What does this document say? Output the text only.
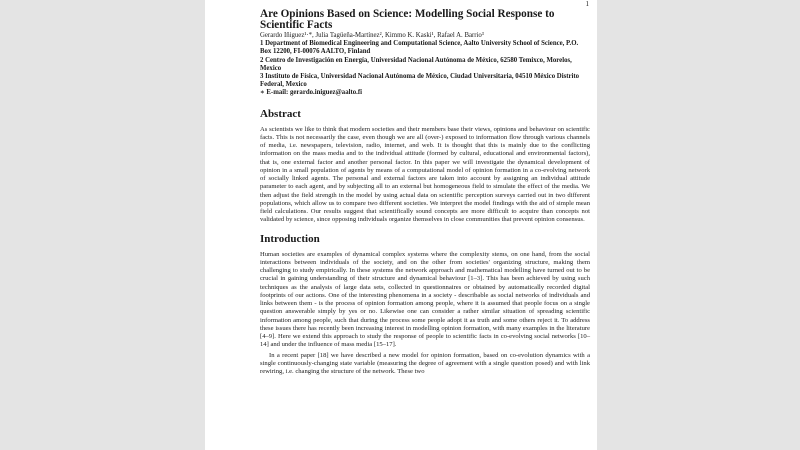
1
Are Opinions Based on Science: Modelling Social Response to Scientific Facts
Gerardo Iñiguez¹·*, Julia Tagüeña-Martínez², Kimmo K. Kaski¹, Rafael A. Barrio³
1 Department of Biomedical Engineering and Computational Science, Aalto University School of Science, P.O. Box 12200, FI-00076 AALTO, Finland
2 Centro de Investigación en Energía, Universidad Nacional Autónoma de México, 62580 Temixco, Morelos, Mexico
3 Instituto de Física, Universidad Nacional Autónoma de México, Ciudad Universitaria, 04510 México Distrito Federal, Mexico
∗ E-mail: gerardo.iniguez@aalto.fi
Abstract

As scientists we like to think that modern societies and their members base their views, opinions and behaviour on scientific facts. This is not necessarily the case, even though we are all (over-) exposed to information flow through various channels of media, i.e. newspapers, television, radio, internet, and web. It is thought that this is mainly due to the conflicting information on the mass media and to the individual attitude (formed by cultural, educational and environmental factors), that is, one external factor and another personal factor. In this paper we will investigate the dynamical development of opinion in a small population of agents by means of a computational model of opinion formation in a co-evolving network of socially linked agents. The personal and external factors are taken into account by assigning an individual attitude parameter to each agent, and by subjecting all to an external but homogeneous field to simulate the effect of the media. We then adjust the field strength in the model by using actual data on scientific perception surveys carried out in two different populations, which allow us to compare two different societies. We interpret the model findings with the aid of simple mean field calculations. Our results suggest that scientifically sound concepts are more difficult to acquire than concepts not validated by science, since opposing individuals organize themselves in close communities that prevent opinion consensus.

Introduction

Human societies are examples of dynamical complex systems where the complexity stems, on one hand, from the social interactions between individuals of the society, and on the other from societies' organizing structure, making them challenging to study empirically. In these systems the network approach and mathematical modelling have turned out to be crucial in gaining understanding of their structure and dynamical behaviour [1–3]. This has been achieved by using such techniques as the analysis of large data sets, collected in questionnaires or obtained by automatically recorded digital footprints of our actions. One of the interesting phenomena in a society - describable as social networks of individuals and links between them - is the process of opinion formation among people, where it is assumed that people focus on a single question answerable simply by yes or no. Likewise one can consider a rather similar situation of spreading scientific information among people, such that during the process some people adopt it as truth and some others reject it. To address these issues there has recently been increasing interest in modelling opinion formation, with many examples in the literature [4–9]. Here we extend this approach to study the response of people to scientific facts in co-evolving social networks [10–14] and under the influence of mass media [15–17].

In a recent paper [18] we have described a new model for opinion formation, based on co-evolution dynamics with a single continuously-changing state variable (measuring the degree of agreement with a single question posed) and with link rewiring, i.e. changing the structure of the network. These two
